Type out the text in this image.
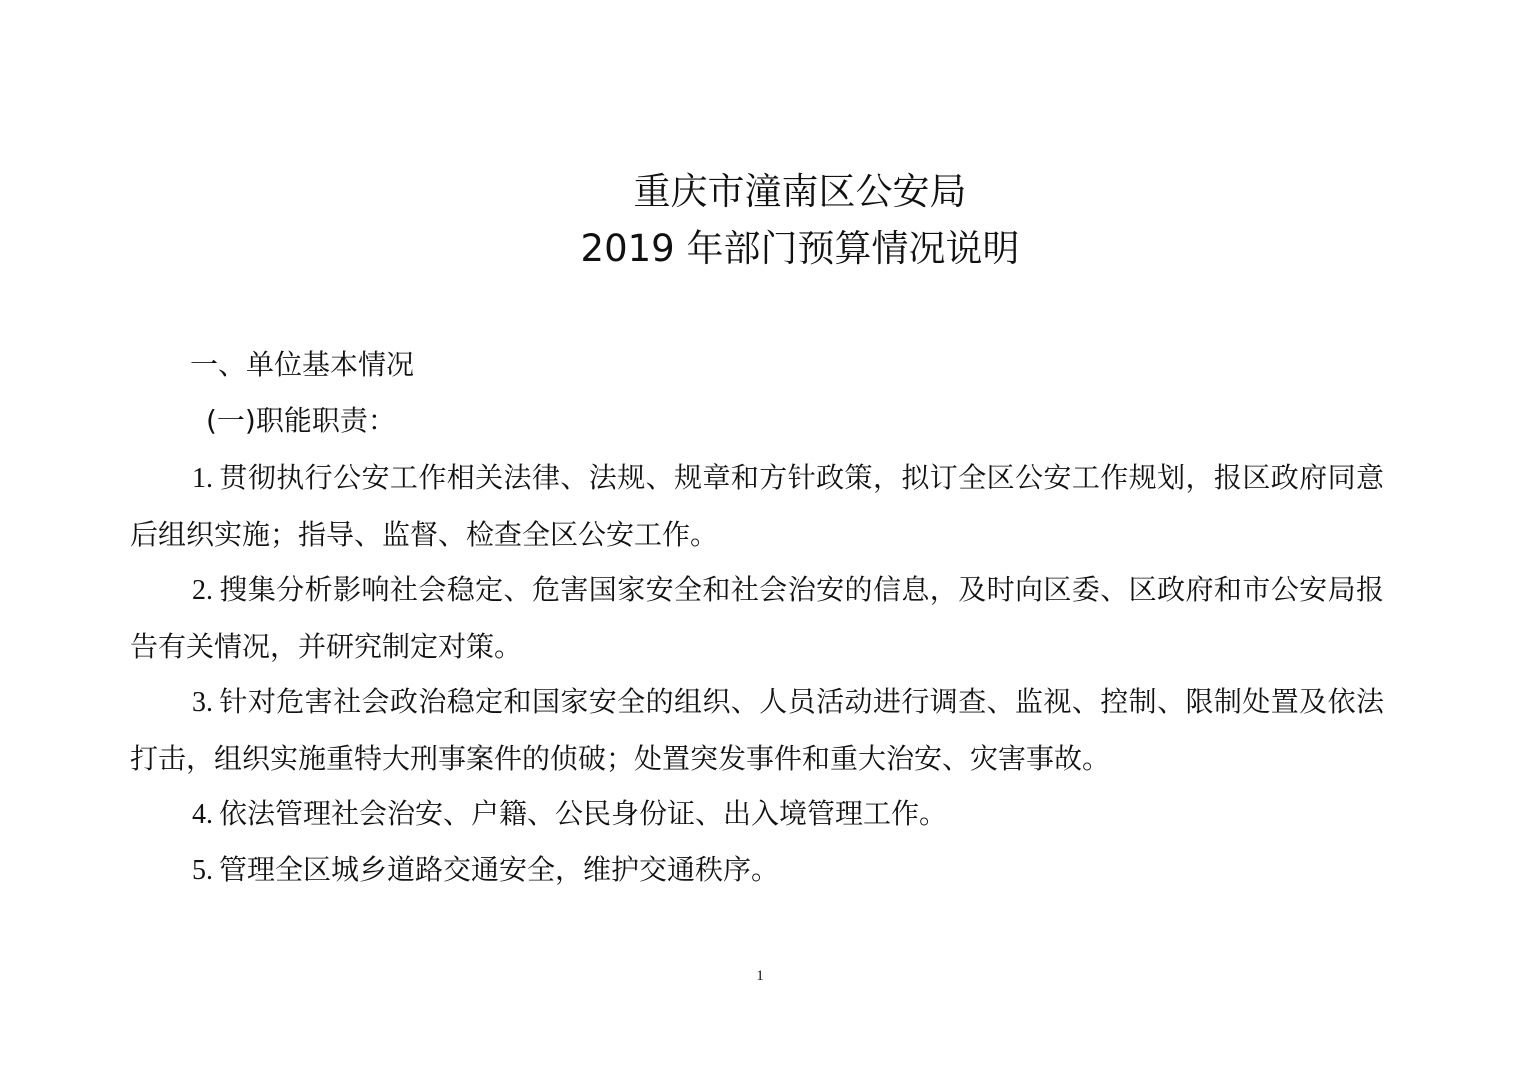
重庆市潼南区公安局
2019 年部门预算情况说明
一、单位基本情况
(一)职能职责：
1. 贯彻执行公安工作相关法律、法规、规章和方针政策，拟订全区公安工作规划，报区政府同意后组织实施；指导、监督、检查全区公安工作。
2. 搜集分析影响社会稳定、危害国家安全和社会治安的信息，及时向区委、区政府和市公安局报告有关情况，并研究制定对策。
3. 针对危害社会政治稳定和国家安全的组织、人员活动进行调查、监视、控制、限制处置及依法打击，组织实施重特大刑事案件的侦破；处置突发事件和重大治安、灾害事故。
4. 依法管理社会治安、户籍、公民身份证、出入境管理工作。
5. 管理全区城乡道路交通安全，维护交通秩序。
1
